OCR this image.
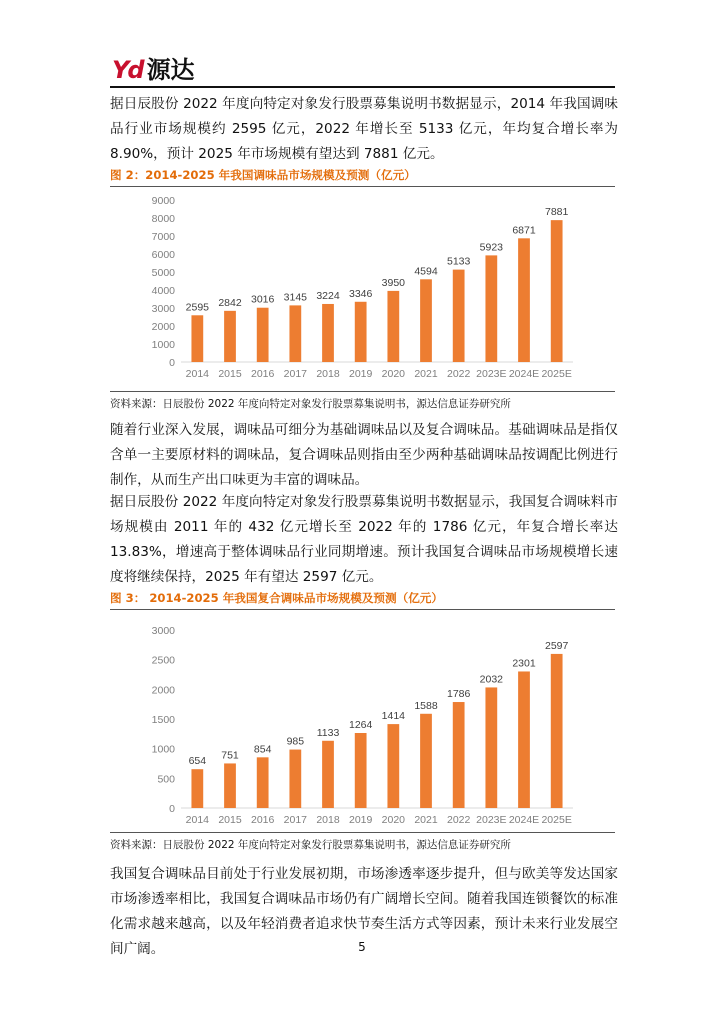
Yd 源达

据日辰股份 2022 年度向特定对象发行股票募集说明书数据显示，2014 年我国调味品行业市场规模约 2595 亿元，2022 年增长至 5133 亿元，年均复合增长率为 8.90%，预计 2025 年市场规模有望达到 7881 亿元。

图 2：2014-2025 年我国调味品市场规模及预测（亿元）
0
1000
2000
3000
4000
5000
6000
7000
8000
9000
2595
2014
2842
2015
3016
2016
3145
2017
3224
2018
3346
2019
3950
2020
4594
2021
5133
2022
5923
2023E
6871
2024E
7881
2025E
资料来源：日辰股份 2022 年度向特定对象发行股票募集说明书，源达信息证券研究所

随着行业深入发展，调味品可细分为基础调味品以及复合调味品。基础调味品是指仅含单一主要原材料的调味品，复合调味品则指由至少两种基础调味品按调配比例进行制作，从而生产出口味更为丰富的调味品。

据日辰股份 2022 年度向特定对象发行股票募集说明书数据显示，我国复合调味料市场规模由 2011 年的 432 亿元增长至 2022 年的 1786 亿元，年复合增长率达 13.83%，增速高于整体调味品行业同期增速。预计我国复合调味品市场规模增长速度将继续保持，2025 年有望达 2597 亿元。

图 3： 2014-2025 年我国复合调味品市场规模及预测（亿元）
0
500
1000
1500
2000
2500
3000
654
2014
751
2015
854
2016
985
2017
1133
2018
1264
2019
1414
2020
1588
2021
1786
2022
2032
2023E
2301
2024E
2597
2025E
资料来源：日辰股份 2022 年度向特定对象发行股票募集说明书，源达信息证券研究所

我国复合调味品目前处于行业发展初期，市场渗透率逐步提升，但与欧美等发达国家市场渗透率相比，我国复合调味品市场仍有广阔增长空间。随着我国连锁餐饮的标准化需求越来越高，以及年轻消费者追求快节奏生活方式等因素，预计未来行业发展空间广阔。	5
